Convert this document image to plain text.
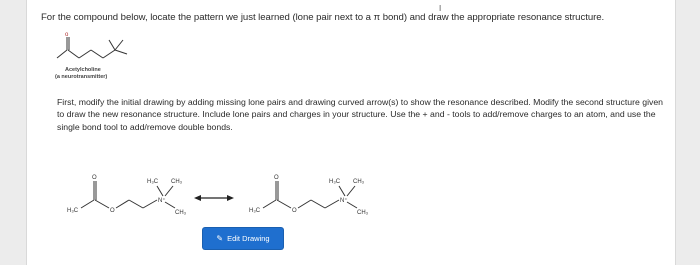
For the compound below, locate the pattern we just learned (lone pair next to a π bond) and draw the appropriate resonance structure.
I
o
Acetylcholine
(a neurotransmitter)
First, modify the initial drawing by adding missing lone pairs and drawing curved arrow(s) to show the resonance described. Modify the second structure given to draw the new resonance structure. Include lone pairs and charges in your structure. Use the + and - tools to add/remove charges to an atom, and use the single bond tool to add/remove double bonds.
H₃C
O
O
N⁺
H₃C CH₃
CH₃	H₃C
O
O
N⁺
H₃C CH₃
CH₃
✎ Edit Drawing
